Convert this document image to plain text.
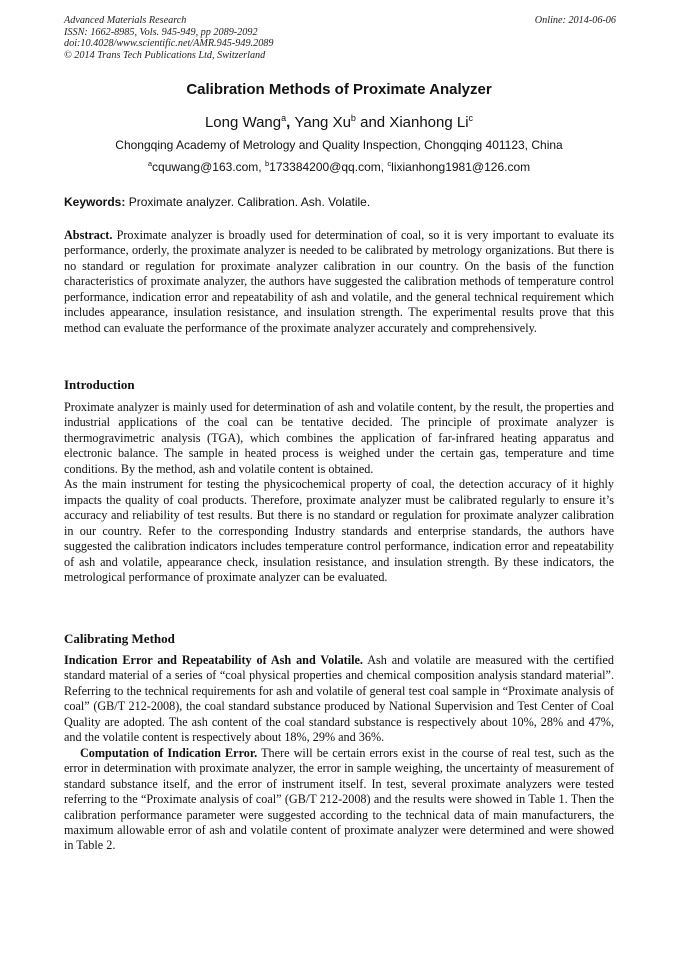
Advanced Materials Research
ISSN: 1662-8985, Vols. 945-949, pp 2089-2092
doi:10.4028/www.scientific.net/AMR.945-949.2089
© 2014 Trans Tech Publications Ltd, Switzerland
Online: 2014-06-06
Calibration Methods of Proximate Analyzer
Long Wang$^a$, Yang Xu$^b$ and Xianhong Li$^c$
Chongqing Academy of Metrology and Quality Inspection, Chongqing 401123, China
$^a$cquwang@163.com, $^b$173384200@qq.com, $^c$lixianhong1981@126.com
Keywords: Proximate analyzer. Calibration. Ash. Volatile.

Abstract. Proximate analyzer is broadly used for determination of coal, so it is very important to evaluate its performance, orderly, the proximate analyzer is needed to be calibrated by metrology organizations. But there is no standard or regulation for proximate analyzer calibration in our country. On the basis of the function characteristics of proximate analyzer, the authors have suggested the calibration methods of temperature control performance, indication error and repeatability of ash and volatile, and the general technical requirement which includes appearance, insulation resistance, and insulation strength. The experimental results prove that this method can evaluate the performance of the proximate analyzer accurately and comprehensively.

Introduction

Proximate analyzer is mainly used for determination of ash and volatile content, by the result, the properties and industrial applications of the coal can be tentative decided. The principle of proximate analyzer is thermogravimetric analysis (TGA), which combines the application of far-infrared heating apparatus and electronic balance. The sample in heated process is weighed under the certain gas, temperature and time conditions. By the method, ash and volatile content is obtained.

As the main instrument for testing the physicochemical property of coal, the detection accuracy of it highly impacts the quality of coal products. Therefore, proximate analyzer must be calibrated regularly to ensure it’s accuracy and reliability of test results. But there is no standard or regulation for proximate analyzer calibration in our country. Refer to the corresponding Industry standards and enterprise standards, the authors have suggested the calibration indicators includes temperature control performance, indication error and repeatability of ash and volatile, appearance check, insulation resistance, and insulation strength. By these indicators, the metrological performance of proximate analyzer can be evaluated.

Calibrating Method

Indication Error and Repeatability of Ash and Volatile. Ash and volatile are measured with the certified standard material of a series of “coal physical properties and chemical composition analysis standard material”. Referring to the technical requirements for ash and volatile of general test coal sample in “Proximate analysis of coal” (GB/T 212-2008), the coal standard substance produced by National Supervision and Test Center of Coal Quality are adopted. The ash content of the coal standard substance is respectively about 10%, 28% and 47%, and the volatile content is respectively about 18%, 29% and 36%.

Computation of Indication Error. There will be certain errors exist in the course of real test, such as the error in determination with proximate analyzer, the error in sample weighing, the uncertainty of measurement of standard substance itself, and the error of instrument itself. In test, several proximate analyzers were tested referring to the “Proximate analysis of coal” (GB/T 212-2008) and the results were showed in Table 1. Then the calibration performance parameter were suggested according to the technical data of main manufacturers, the maximum allowable error of ash and volatile content of proximate analyzer were determined and were showed in Table 2.
